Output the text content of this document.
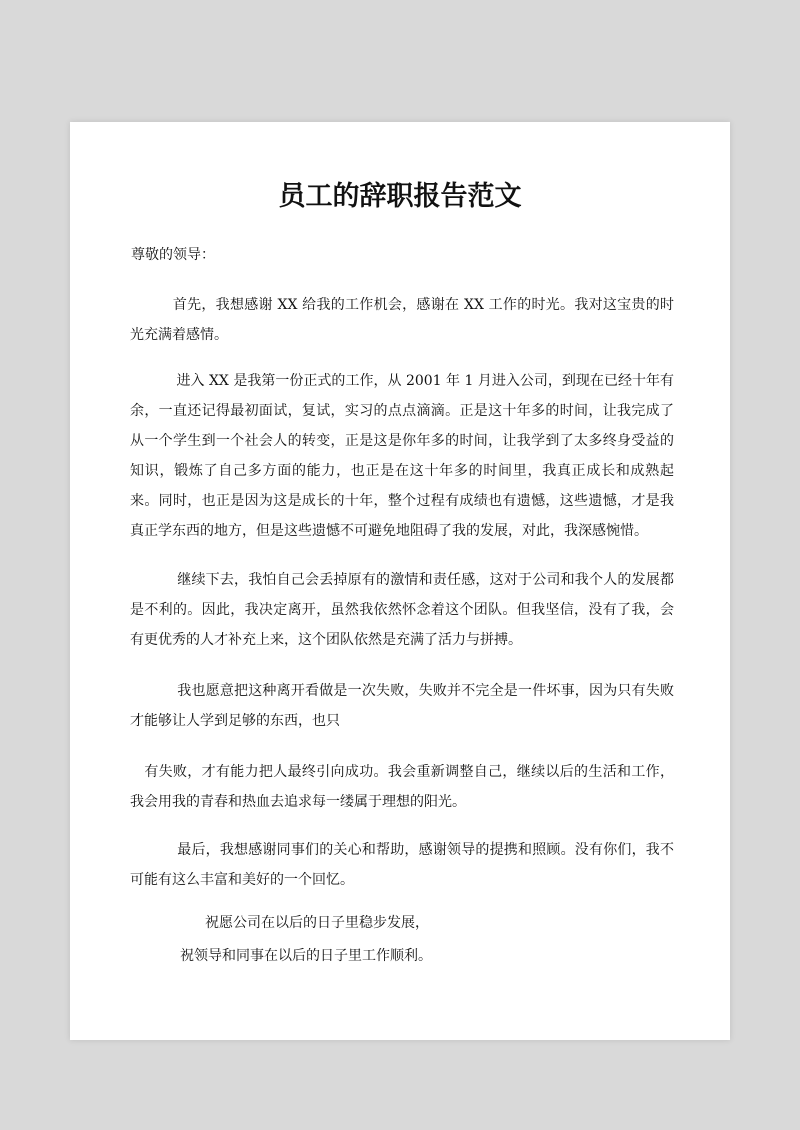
员工的辞职报告范文
尊敬的领导：
　　　首先，我想感谢 XX 给我的工作机会，感谢在 XX 工作的时光。我对这宝贵的时光充满着感情。
　　　 进入 XX 是我第一份正式的工作，从 2001 年 1 月进入公司，到现在已经十年有余，一直还记得最初面试，复试，实习的点点滴滴。正是这十年多的时间，让我完成了从一个学生到一个社会人的转变，正是这是你年多的时间，让我学到了太多终身受益的知识，锻炼了自己多方面的能力，也正是在这十年多的时间里，我真正成长和成熟起来。同时，也正是因为这是成长的十年，整个过程有成绩也有遗憾，这些遗憾，才是我真正学东西的地方，但是这些遗憾不可避免地阻碍了我的发展，对此，我深感惋惜。
　　　 继续下去，我怕自己会丢掉原有的激情和责任感，这对于公司和我个人的发展都是不利的。因此，我决定离开，虽然我依然怀念着这个团队。但我坚信，没有了我，会有更优秀的人才补充上来，这个团队依然是充满了活力与拼搏。
　　　 我也愿意把这种离开看做是一次失败，失败并不完全是一件坏事，因为只有失败才能够让人学到足够的东西，也只
　有失败，才有能力把人最终引向成功。我会重新调整自己，继续以后的生活和工作，我会用我的青春和热血去追求每一缕属于理想的阳光。
　　　 最后，我想感谢同事们的关心和帮助，感谢领导的提携和照顾。没有你们，我不可能有这么丰富和美好的一个回忆。
祝愿公司在以后的日子里稳步发展，
祝领导和同事在以后的日子里工作顺利。
